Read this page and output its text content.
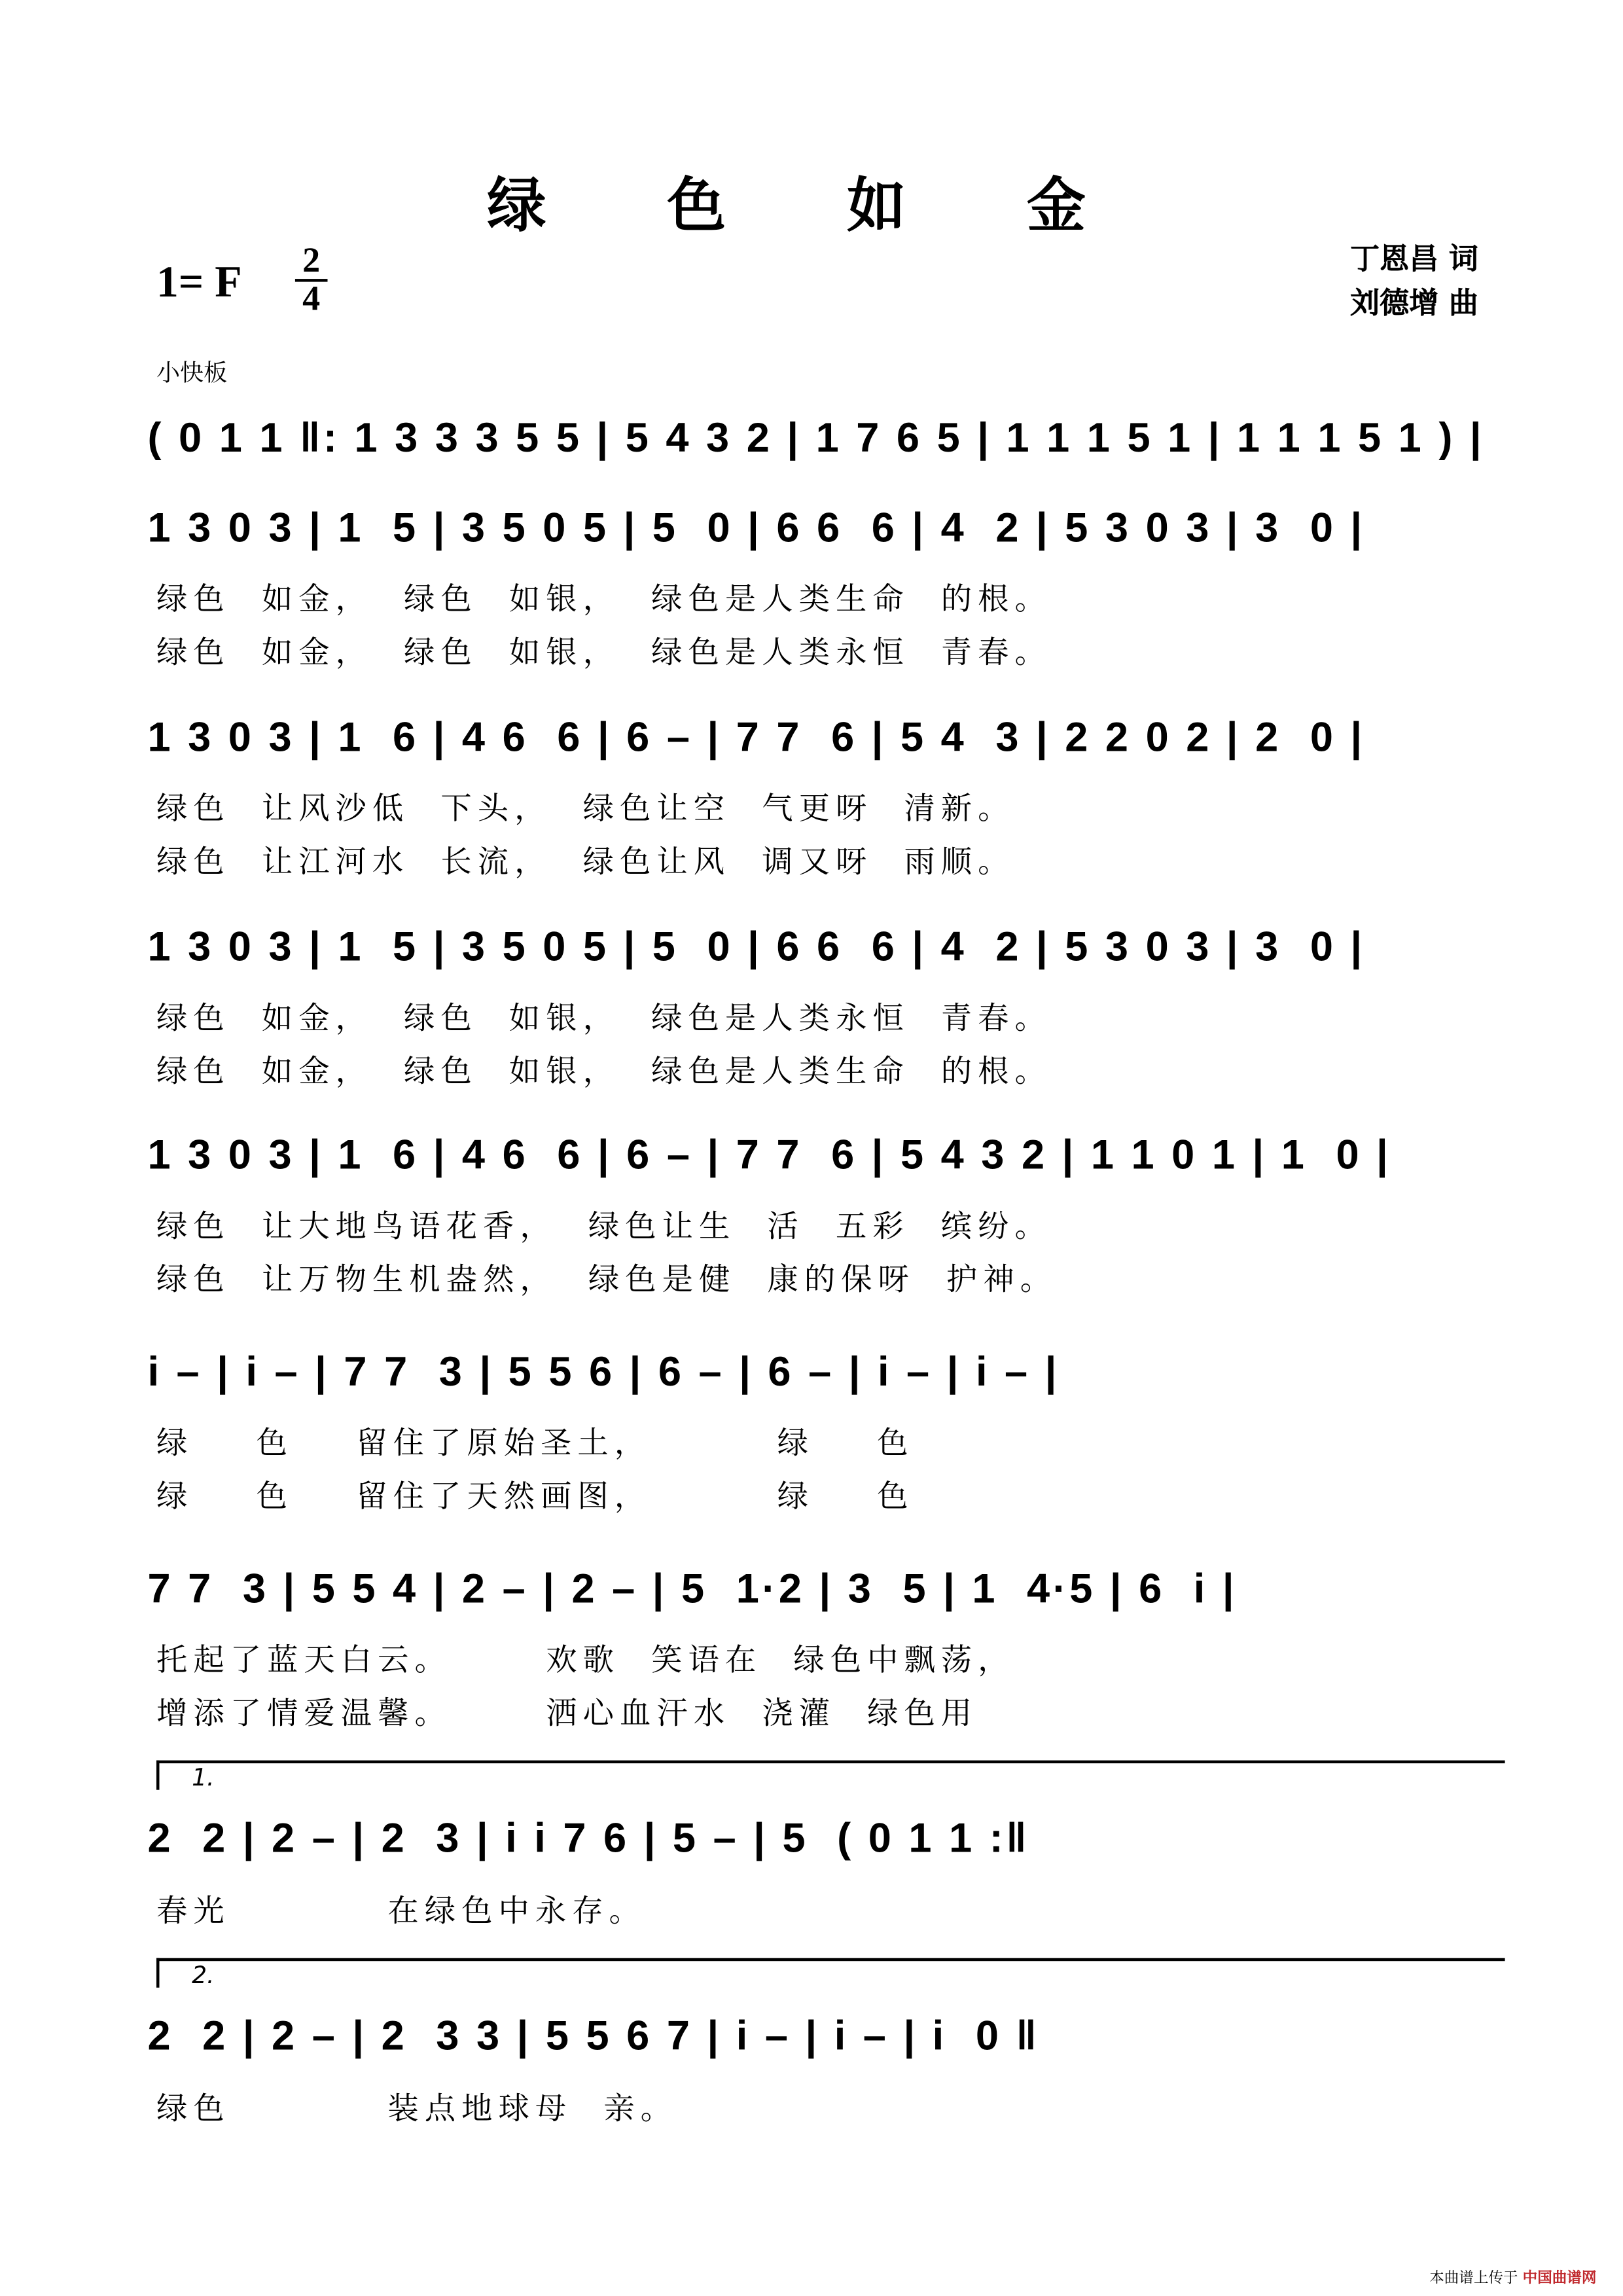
绿 色 如 金
1= F	2
4
丁恩昌 词
刘德增 曲
小快板
( 0 1 1 ‖: 1 3 3 3 5 5 | 5 4 3 2 | 1 7 6 5 | 1 1 1 5 1 | 1 1 1 5 1 ) |
1 3 0 3 | 1  5 | 3 5 0 5 | 5  0 | 6 6  6 | 4  2 | 5 3 0 3 | 3  0 |
绿色  如金，  绿色  如银，  绿色是人类生命  的根。
绿色  如金，  绿色  如银，  绿色是人类永恒  青春。
1 3 0 3 | 1  6 | 4 6  6 | 6 – | 7 7  6 | 5 4  3 | 2 2 0 2 | 2  0 |
绿色  让风沙低  下头，  绿色让空  气更呀  清新。
绿色  让江河水  长流，  绿色让风  调又呀  雨顺。
1 3 0 3 | 1  5 | 3 5 0 5 | 5  0 | 6 6  6 | 4  2 | 5 3 0 3 | 3  0 |
绿色  如金，  绿色  如银，  绿色是人类永恒  青春。
绿色  如金，  绿色  如银，  绿色是人类生命  的根。
1 3 0 3 | 1  6 | 4 6  6 | 6 – | 7 7  6 | 5 4 3 2 | 1 1 0 1 | 1  0 |
绿色  让大地鸟语花香，  绿色让生  活  五彩  缤纷。
绿色  让万物生机盎然，  绿色是健  康的保呀  护神。
i – | i – | 7 7  3 | 5 5 6 | 6 – | 6 – | i – | i – |
绿    色    留住了原始圣土，        绿    色
绿    色    留住了天然画图，        绿    色
7 7  3 | 5 5 4 | 2 – | 2 – | 5  1·2 | 3  5 | 1  4·5 | 6  i |
托起了蓝天白云。      欢歌  笑语在  绿色中飘荡，
增添了情爱温馨。      洒心血汗水  浇灌  绿色用
1.
2  2 | 2 – | 2  3 | i i 7 6 | 5 – | 5  ( 0 1 1 :‖
春光          在绿色中永存。
2.
2  2 | 2 – | 2  3 3 | 5 5 6 7 | i – | i – | i  0 ‖
绿色          装点地球母  亲。
本曲谱上传于 中国曲谱网
